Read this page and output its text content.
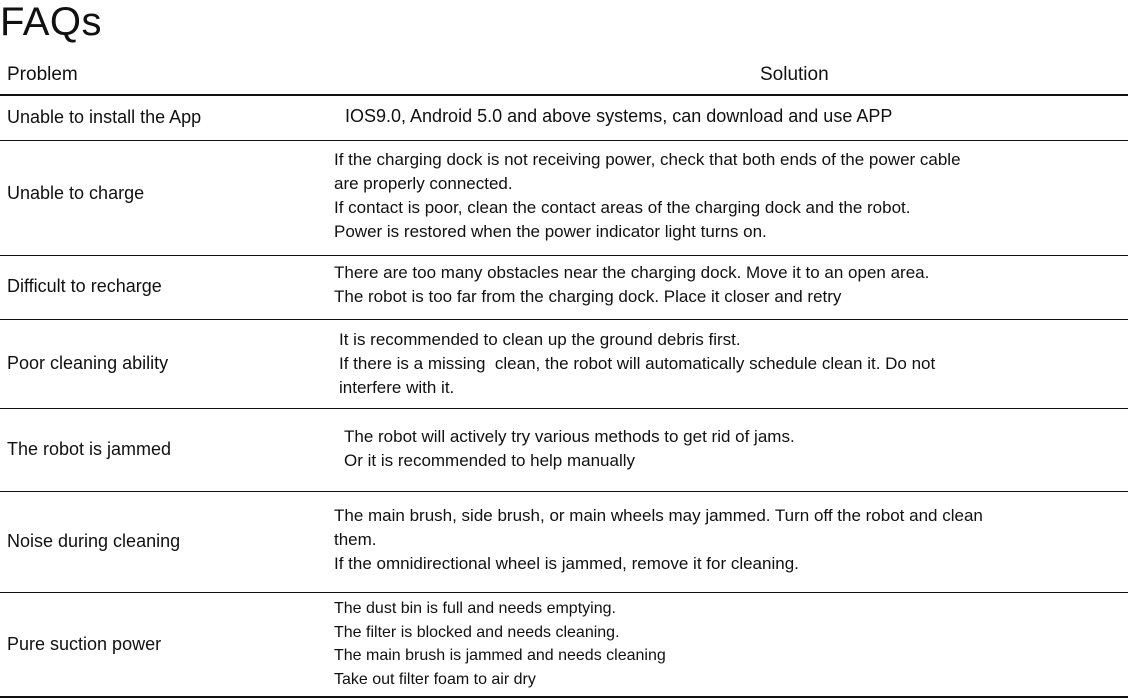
FAQs
Problem	Solution
Unable to install the App	IOS9.0, Android 5.0 and above systems, can download and use APP
Unable to charge
If the charging dock is not receiving power, check that both ends of the power cable
are properly connected.
If contact is poor, clean the contact areas of the charging dock and the robot.
Power is restored when the power indicator light turns on.
Difficult to recharge
There are too many obstacles near the charging dock. Move it to an open area.
The robot is too far from the charging dock. Place it closer and retry
Poor cleaning ability
It is recommended to clean up the ground debris first.
If there is a missing  clean, the robot will automatically schedule clean it. Do not
interfere with it.
The robot is jammed
The robot will actively try various methods to get rid of jams.
Or it is recommended to help manually
Noise during cleaning
The main brush, side brush, or main wheels may jammed. Turn off the robot and clean
them.
If the omnidirectional wheel is jammed, remove it for cleaning.
Pure suction power
The dust bin is full and needs emptying.
The filter is blocked and needs cleaning.
The main brush is jammed and needs cleaning
Take out filter foam to air dry
